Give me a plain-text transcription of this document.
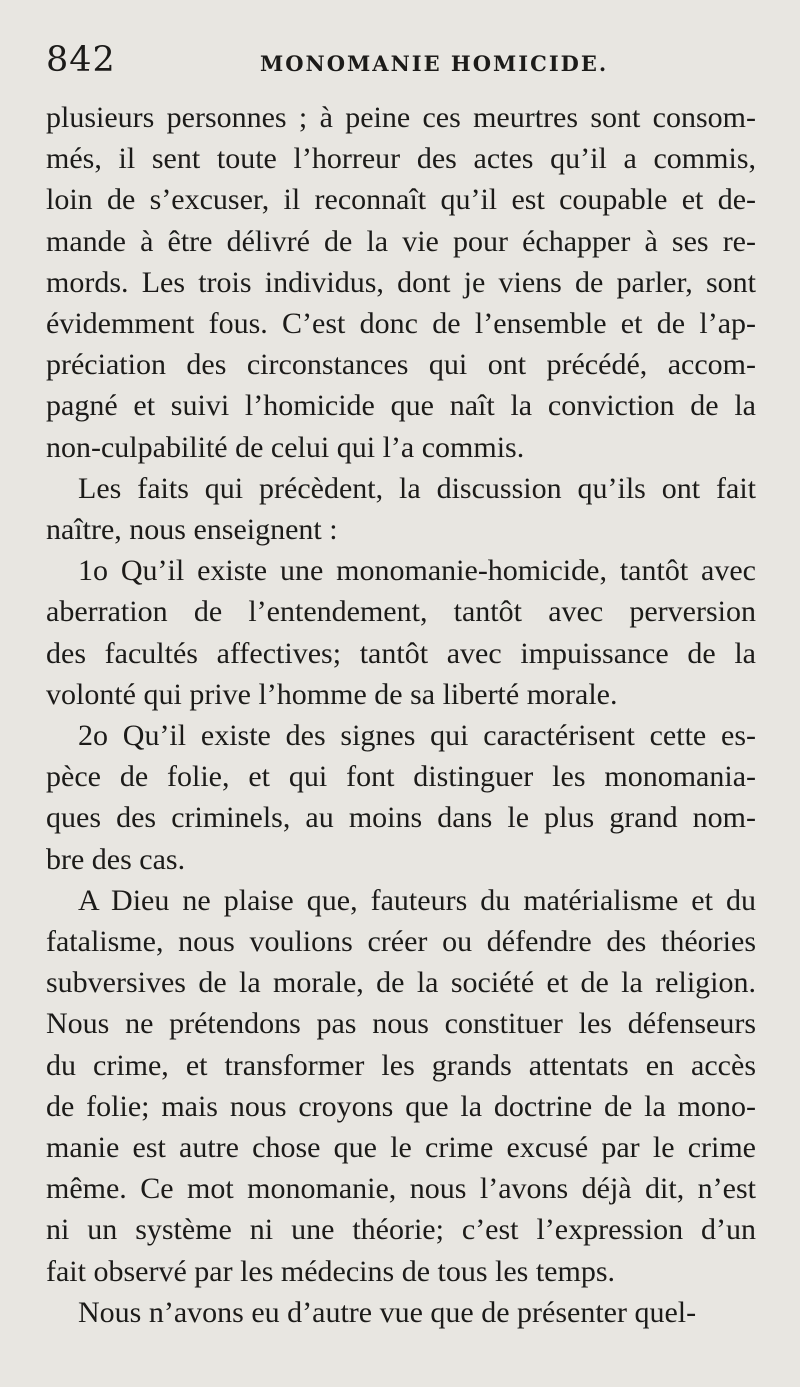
842	MONOMANIE HOMICIDE.
plusieurs personnes ; à peine ces meurtres sont consom-
més, il sent toute l’horreur des actes qu’il a commis,
loin de s’excuser, il reconnaît qu’il est coupable et de-
mande à être délivré de la vie pour échapper à ses re-
mords. Les trois individus, dont je viens de parler, sont
évidemment fous. C’est donc de l’ensemble et de l’ap-
préciation des circonstances qui ont précédé, accom-
pagné et suivi l’homicide que naît la conviction de la
non-culpabilité de celui qui l’a commis.
Les faits qui précèdent, la discussion qu’ils ont fait
naître, nous enseignent :
1o Qu’il existe une monomanie-homicide, tantôt avec
aberration de l’entendement, tantôt avec perversion
des facultés affectives; tantôt avec impuissance de la
volonté qui prive l’homme de sa liberté morale.
2o Qu’il existe des signes qui caractérisent cette es-
pèce de folie, et qui font distinguer les monomania-
ques des criminels, au moins dans le plus grand nom-
bre des cas.
A Dieu ne plaise que, fauteurs du matérialisme et du
fatalisme, nous voulions créer ou défendre des théories
subversives de la morale, de la société et de la religion.
Nous ne prétendons pas nous constituer les défenseurs
du crime, et transformer les grands attentats en accès
de folie; mais nous croyons que la doctrine de la mono-
manie est autre chose que le crime excusé par le crime
même. Ce mot monomanie, nous l’avons déjà dit, n’est
ni un système ni une théorie; c’est l’expression d’un
fait observé par les médecins de tous les temps.
Nous n’avons eu d’autre vue que de présenter quel-
